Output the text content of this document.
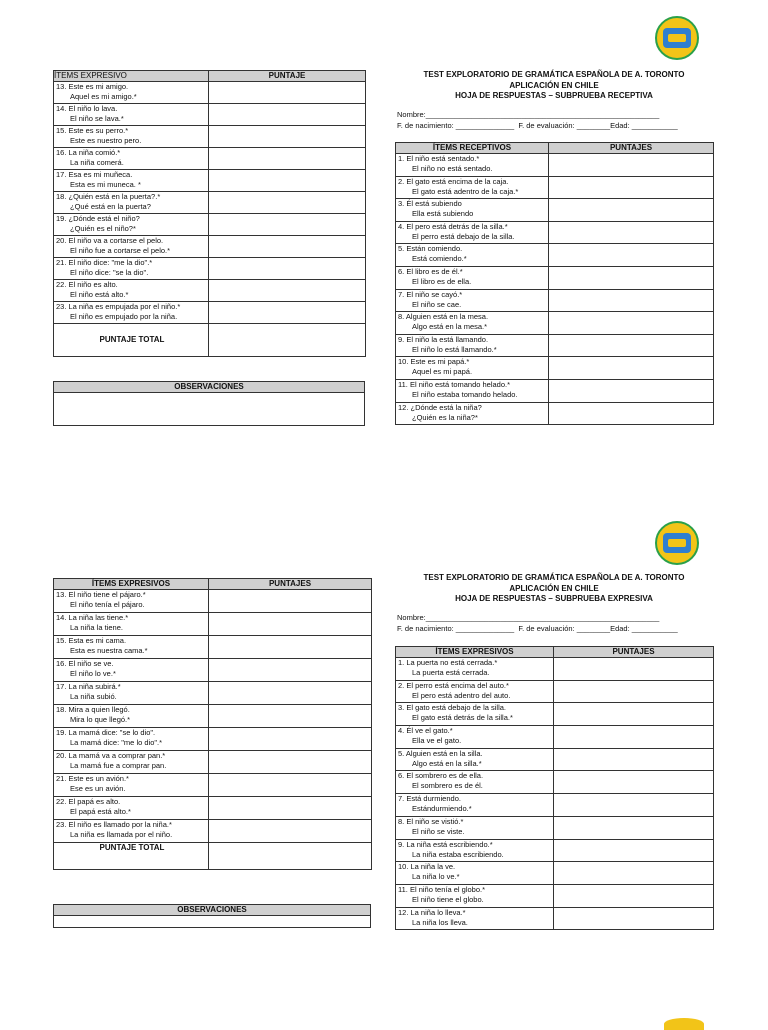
ÍTEMS EXPRESIVO	PUNTAJE
13. Este es mi amigo.
Aquel es mi amigo.*	

14. El niño lo lava.
El niño se lava.*	

15. Este es su perro.*
Este es nuestro pero.	

16. La niña comió.*
La niña comerá.	

17. Esa es mi muñeca.
Esta es mi muneca. *	

18. ¿Quién está en la puerta?.*
¿Qué está en la puerta?	

19. ¿Dónde está el niño?
¿Quién es el niño?*	

20. El niño va a cortarse el pelo.
El niño fue a cortarse el pelo.*	

21. El niño dice: "me la dio".*
El niño dice: "se la dio".	

22. El niño es alto.
El niño está alto.*	

23. La niña es empujada por el niño.*
El niño es empujado por la niña.	

PUNTAJE TOTAL	
OBSERVACIONES

TEST EXPLORATORIO DE GRAMÁTICA ESPAÑOLA DE A. TORONTO
APLICACIÓN EN CHILE
HOJA DE RESPUESTAS – SUBPRUEBA RECEPTIVA
Nombre:________________________________________________________
F. de nacimiento: ______________  F. de evaluación: ________Edad: ___________
ÍTEMS RECEPTIVOS	PUNTAJES
1. El niño está sentado.*
El niño no está sentado.	

2. El gato está encima de la caja.
El gato está adentro de la caja.*	

3. Él está subiendo
Ella está subiendo	

4. El pero está detrás de la silla.*
El perro está debajo de la silla.	

5. Están comiendo.
Está comiendo.*	

6. El libro es de él.*
El libro es de ella.	

7. El niño se cayó.*
El niño se cae.	

8. Alguien está en la mesa.
Algo está en la mesa.*	

9. El niño la está llamando.
El niño lo está llamando.*	

10. Este es mi papá.*
Aquel es mi papá.	

11. El niño está tomando helado.*
El niño estaba tomando helado.	

12. ¿Dónde está la niña?
¿Quién es la niña?*	

ÍTEMS EXPRESIVOS	PUNTAJES
13. El niño tiene el pájaro.*
El niño tenía el pájaro.	

14. La niña las tiene.*
La niña la tiene.	

15. Esta es mi cama.
Esta es nuestra cama.*	

16. El niño se ve.
El niño lo ve.*	

17. La niña subirá.*
La niña subió.	

18. Mira a quien llegó.
Mira lo que llegó.*	

19. La mamá dice: "se lo dio".
La mamá dice: "me lo dio".*	

20. La mamá va a comprar pan.*
La mamá fue a comprar pan.	

21. Este es un avión.*
Ese es un avión.	

22. El papá es alto.
El papá está alto.*	

23. El niño es llamado por la niña.*
La niña es llamada por el niño.	

PUNTAJE TOTAL	
OBSERVACIONES

TEST EXPLORATORIO DE GRAMÁTICA ESPAÑOLA DE A. TORONTO
APLICACIÓN EN CHILE
HOJA DE RESPUESTAS – SUBPRUEBA EXPRESIVA
Nombre:________________________________________________________
F. de nacimiento: ______________  F. de evaluación: ________Edad: ___________
ÍTEMS EXPRESIVOS	PUNTAJES
1. La puerta no está cerrada.*
La puerta está cerrada.	

2. El perro está encima del auto.*
El pero está adentro del auto.	

3. El gato está debajo de la silla.
El gato está detrás de la silla.*	

4. Él ve el gato.*
Ella ve el gato.	

5. Alguien está en la silla.
Algo está en la silla.*	

6. El sombrero es de ella.
El sombrero es de él.	

7. Está durmiendo.
Estándurmiendo.*	

8. El niño se vistió.*
El niño se viste.	

9. La niña está escribiendo.*
La niña estaba escribiendo.	

10. La niña la ve.
La niña lo ve.*	

11. El niño tenía el globo.*
El niño tiene el globo.	

12. La niña lo lleva.*
La niña los lleva.	
